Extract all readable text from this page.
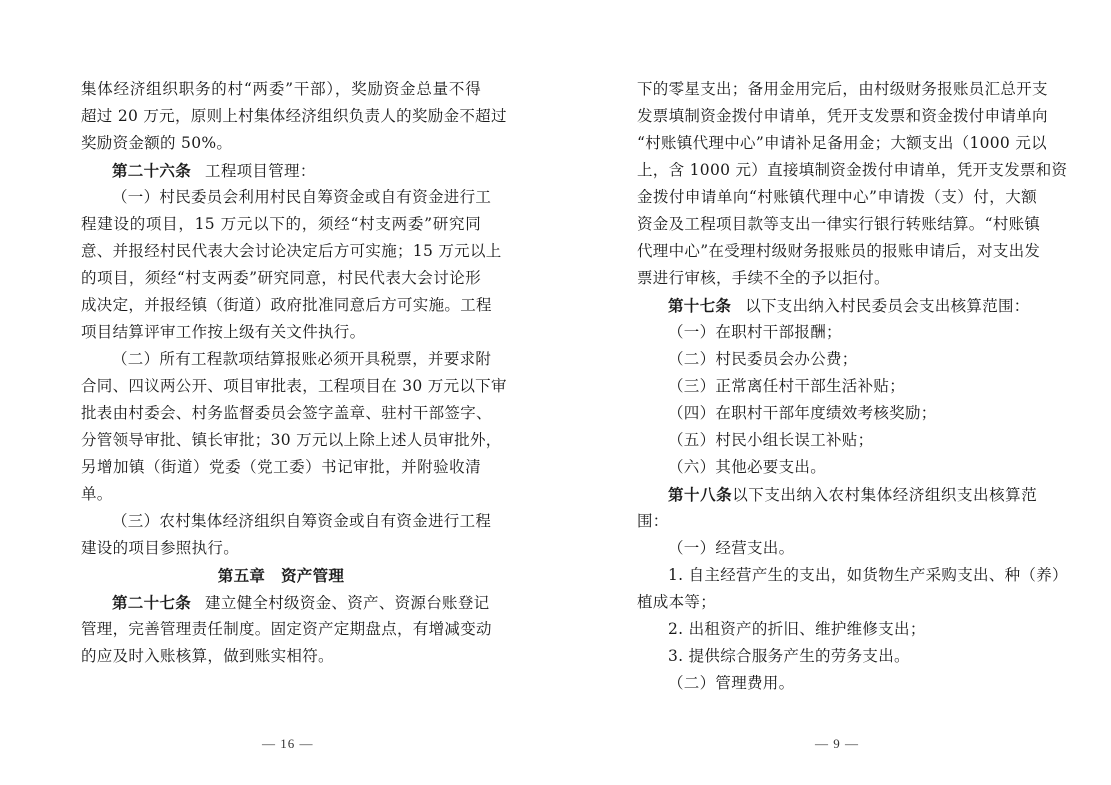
集体经济组织职务的村“两委”干部），奖励资金总量不得
超过 20 万元，原则上村集体经济组织负责人的奖励金不超过
奖励资金额的 50%。
第二十六条 工程项目管理：
（一）村民委员会利用村民自筹资金或自有资金进行工
程建设的项目，15 万元以下的，须经“村支两委”研究同
意、并报经村民代表大会讨论决定后方可实施；15 万元以上
的项目，须经“村支两委”研究同意，村民代表大会讨论形
成决定，并报经镇（街道）政府批准同意后方可实施。工程
项目结算评审工作按上级有关文件执行。
（二）所有工程款项结算报账必须开具税票，并要求附
合同、四议两公开、项目审批表，工程项目在 30 万元以下审
批表由村委会、村务监督委员会签字盖章、驻村干部签字、
分管领导审批、镇长审批；30 万元以上除上述人员审批外，
另增加镇（街道）党委（党工委）书记审批，并附验收清
单。
（三）农村集体经济组织自筹资金或自有资金进行工程
建设的项目参照执行。
第五章　资产管理
第二十七条 建立健全村级资金、资产、资源台账登记
管理，完善管理责任制度。固定资产定期盘点，有增减变动
的应及时入账核算，做到账实相符。
下的零星支出；备用金用完后，由村级财务报账员汇总开支
发票填制资金拨付申请单，凭开支发票和资金拨付申请单向
“村账镇代理中心”申请补足备用金；大额支出（1000 元以
上，含 1000 元）直接填制资金拨付申请单，凭开支发票和资
金拨付申请单向“村账镇代理中心”申请拨（支）付，大额
资金及工程项目款等支出一律实行银行转账结算。“村账镇
代理中心”在受理村级财务报账员的报账申请后，对支出发
票进行审核，手续不全的予以拒付。
第十七条 以下支出纳入村民委员会支出核算范围：
（一）在职村干部报酬；
（二）村民委员会办公费；
（三）正常离任村干部生活补贴；
（四）在职村干部年度绩效考核奖励；
（五）村民小组长误工补贴；
（六）其他必要支出。
第十八条以下支出纳入农村集体经济组织支出核算范
围：
（一）经营支出。
1. 自主经营产生的支出，如货物生产采购支出、种（养）
植成本等；
2. 出租资产的折旧、维护维修支出；
3. 提供综合服务产生的劳务支出。
（二）管理费用。
— 16 —	— 9 —
